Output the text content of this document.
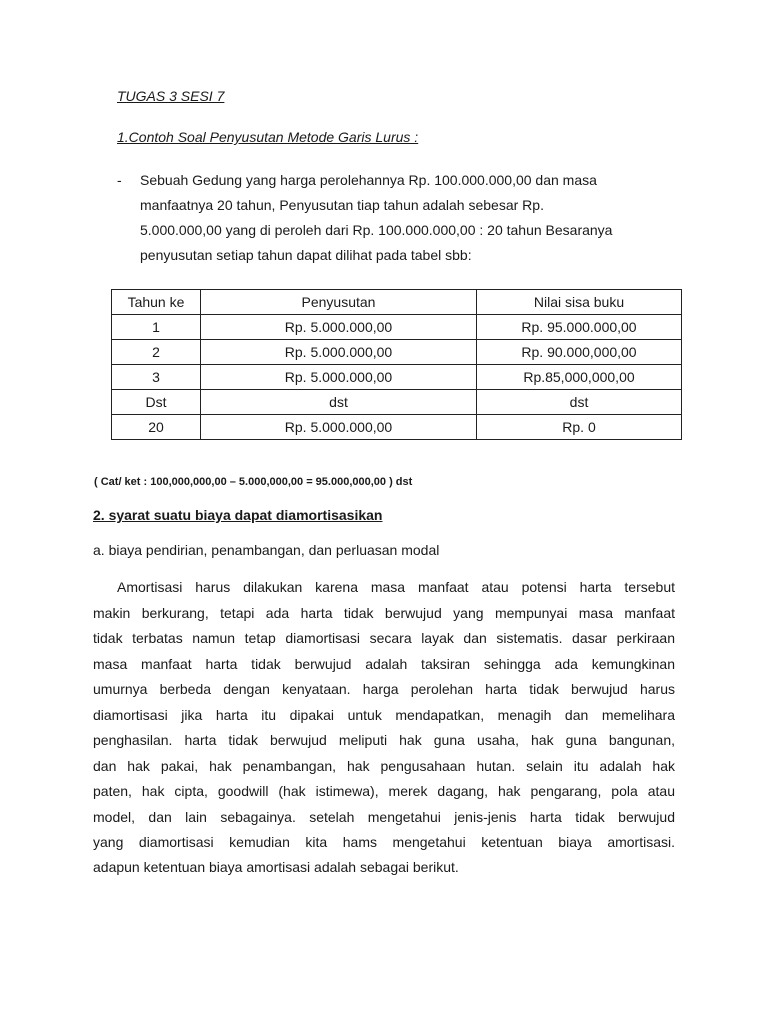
TUGAS 3 SESI 7
1.Contoh Soal Penyusutan Metode Garis Lurus :
- Sebuah Gedung yang harga perolehannya Rp. 100.000.000,00 dan masa
manfaatnya 20 tahun, Penyusutan tiap tahun adalah sebesar Rp.
5.000.000,00 yang di peroleh dari Rp. 100.000.000,00 : 20 tahun Besaranya
penyusutan setiap tahun dapat dilihat pada tabel sbb:
Tahun ke	Penyusutan	Nilai sisa buku
1	Rp. 5.000.000,00	Rp. 95.000.000,00
2	Rp. 5.000.000,00	Rp. 90.000,000,00
3	Rp. 5.000.000,00	Rp.85,000,000,00
Dst	dst	dst
20	Rp. 5.000.000,00	Rp. 0
( Cat/ ket : 100,000,000,00 – 5.000,000,00 = 95.000,000,00 ) dst
2. syarat suatu biaya dapat diamortisasikan
a. biaya pendirian, penambangan, dan perluasan modal
Amortisasi harus dilakukan karena masa manfaat atau potensi harta tersebut
makin berkurang, tetapi ada harta tidak berwujud yang mempunyai masa manfaat
tidak terbatas namun tetap diamortisasi secara layak dan sistematis. dasar perkiraan
masa manfaat harta tidak berwujud adalah taksiran sehingga ada kemungkinan
umurnya berbeda dengan kenyataan. harga perolehan harta tidak berwujud harus
diamortisasi jika harta itu dipakai untuk mendapatkan, menagih dan memelihara
penghasilan. harta tidak berwujud meliputi hak guna usaha, hak guna bangunan,
dan hak pakai, hak penambangan, hak pengusahaan hutan. selain itu adalah hak
paten, hak cipta, goodwill (hak istimewa), merek dagang, hak pengarang, pola atau
model, dan lain sebagainya. setelah mengetahui jenis-jenis harta tidak berwujud
yang diamortisasi kemudian kita hams mengetahui ketentuan biaya amortisasi.
adapun ketentuan biaya amortisasi adalah sebagai berikut.
